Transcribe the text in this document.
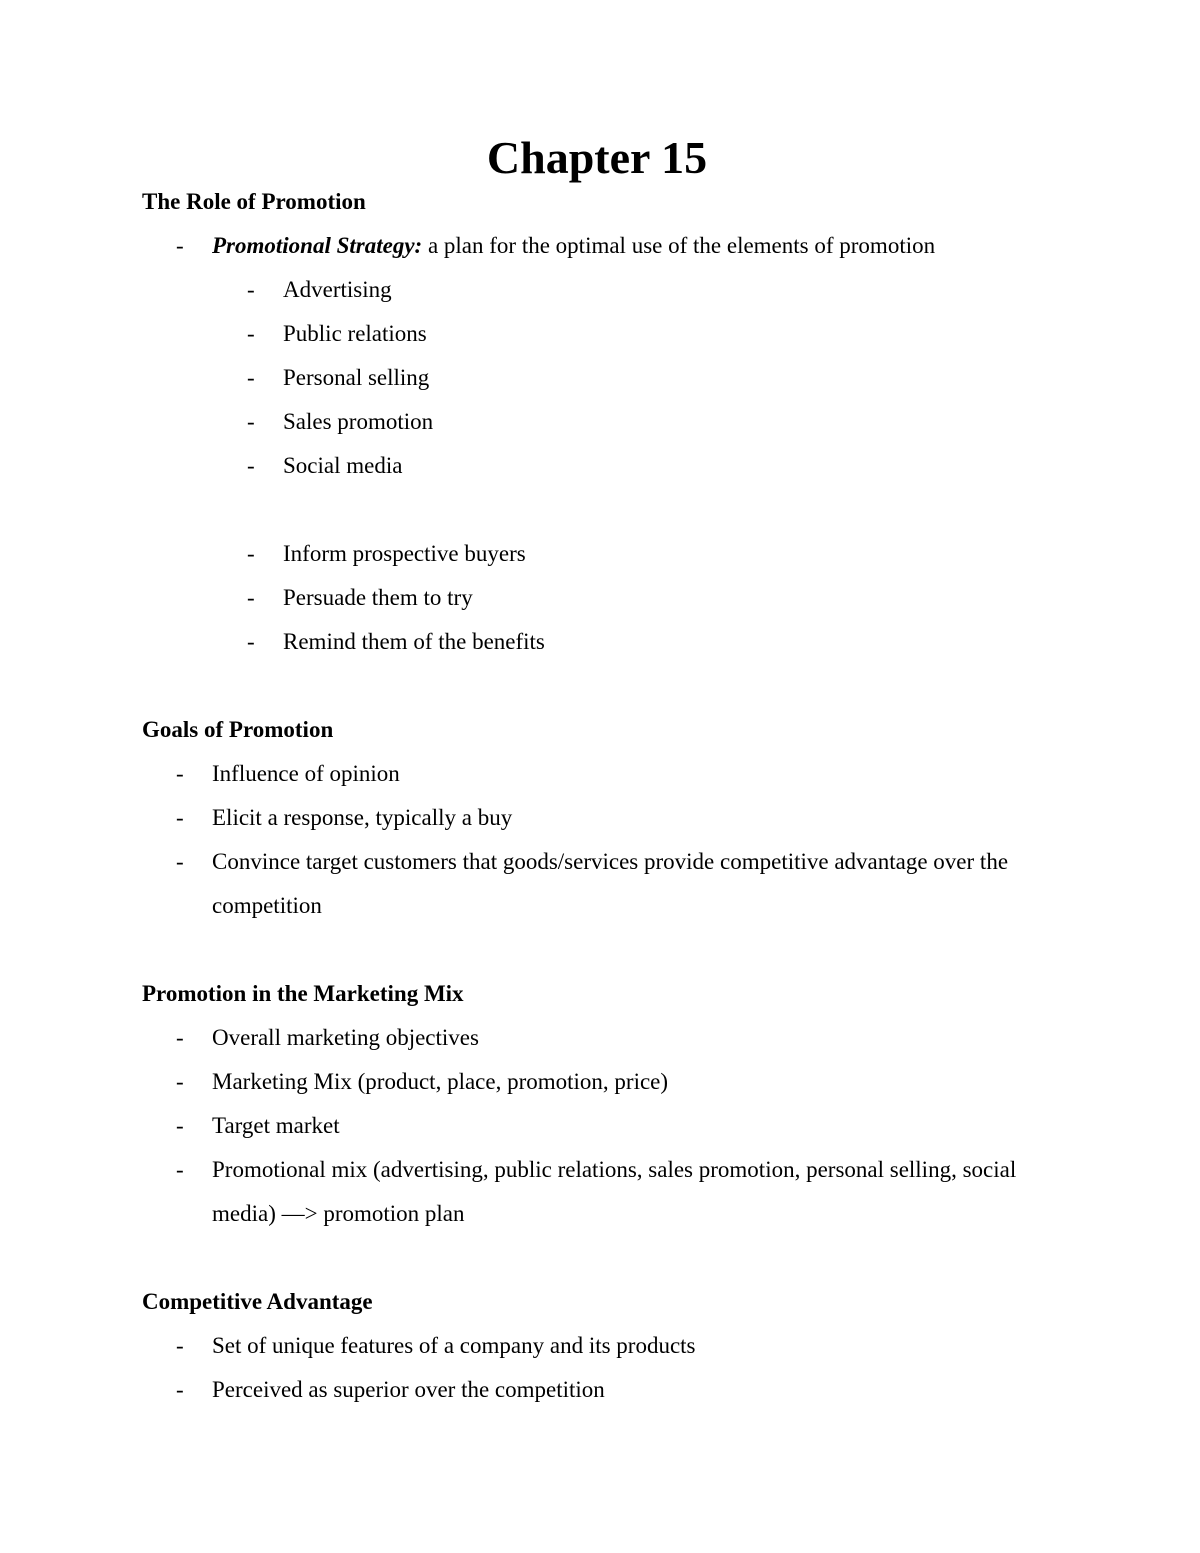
Chapter 15

The Role of Promotion

- Promotional Strategy: a plan for the optimal use of the elements of promotion
- Advertising
- Public relations
- Personal selling
- Sales promotion
- Social media
- Inform prospective buyers
- Persuade them to try
- Remind them of the benefits

Goals of Promotion

- Influence of opinion
- Elicit a response, typically a buy
- Convince target customers that goods/services provide competitive advantage over the competition

Promotion in the Marketing Mix

- Overall marketing objectives
- Marketing Mix (product, place, promotion, price)
- Target market
- Promotional mix (advertising, public relations, sales promotion, personal selling, social media) —> promotion plan

Competitive Advantage

- Set of unique features of a company and its products
- Perceived as superior over the competition
